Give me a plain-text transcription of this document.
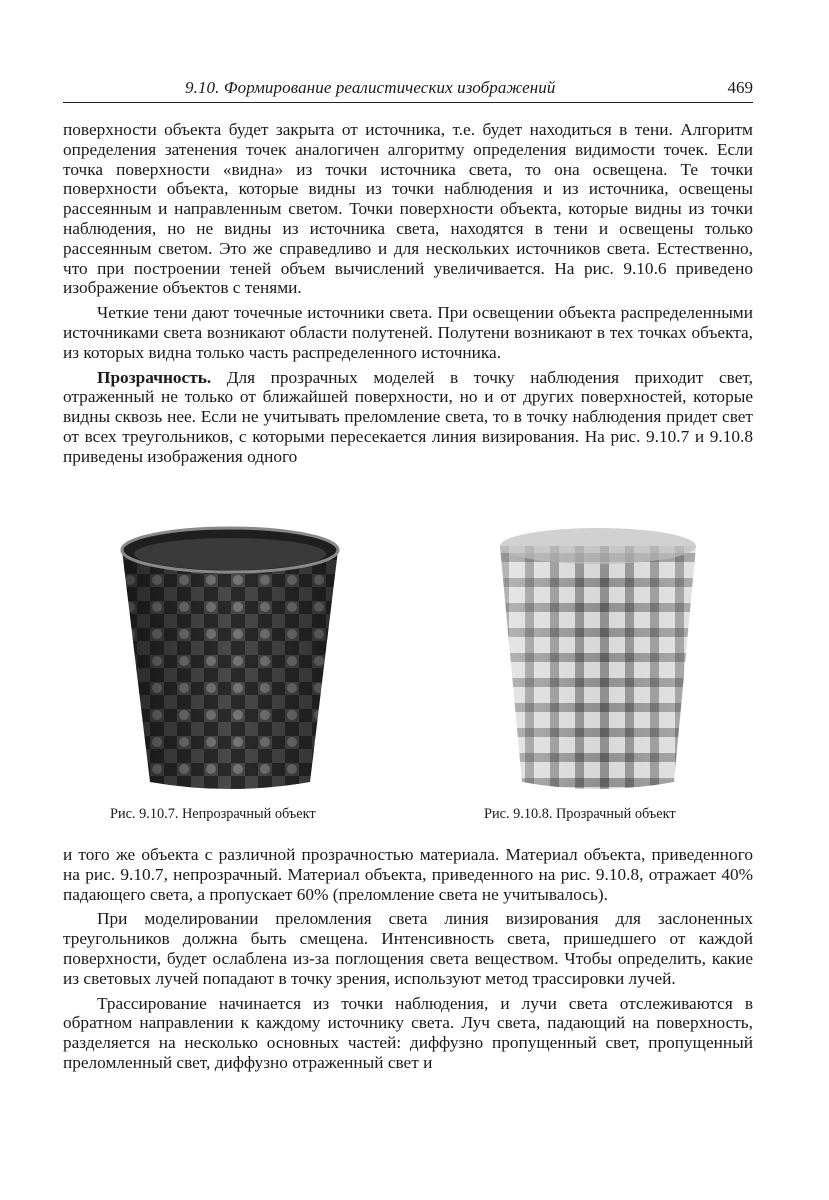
9.10. Формирование реалистических изображений	469

поверхности объекта будет закрыта от источника, т.е. будет находиться в тени. Алгоритм определения затенения точек аналогичен алгоритму определения видимости точек. Если точка поверхности «видна» из точки источника света, то она освещена. Те точки поверхности объекта, которые видны из точки наблюдения и из источника, освещены рассеянным и направленным светом. Точки поверхности объекта, которые видны из точки наблюдения, но не видны из источника света, находятся в тени и освещены только рассеянным светом. Это же справедливо и для нескольких источников света. Естественно, что при построении теней объем вычислений увеличивается. На рис. 9.10.6 приведено изображение объектов с тенями.

Четкие тени дают точечные источники света. При освещении объекта распределенными источниками света возникают области полутеней. Полутени возникают в тех точках объекта, из которых видна только часть распределенного источника.

Прозрачность. Для прозрачных моделей в точку наблюдения приходит свет, отраженный не только от ближайшей поверхности, но и от других поверхностей, которые видны сквозь нее. Если не учитывать преломление света, то в точку наблюдения придет свет от всех треугольников, с которыми пересекается линия визирования. На рис. 9.10.7 и 9.10.8 приведены изображения одного

Рис. 9.10.7. Непрозрачный объект	Рис. 9.10.8. Прозрачный объект

и того же объекта с различной прозрачностью материала. Материал объекта, приведенного на рис. 9.10.7, непрозрачный. Материал объекта, приведенного на рис. 9.10.8, отражает 40% падающего света, а пропускает 60% (преломление света не учитывалось).

При моделировании преломления света линия визирования для заслоненных треугольников должна быть смещена. Интенсивность света, пришедшего от каждой поверхности, будет ослаблена из-за поглощения света веществом. Чтобы определить, какие из световых лучей попадают в точку зрения, используют метод трассировки лучей.

Трассирование начинается из точки наблюдения, и лучи света отслеживаются в обратном направлении к каждому источнику света. Луч света, падающий на поверхность, разделяется на несколько основных частей: диффузно пропущенный свет, пропущенный преломленный свет, диффузно отраженный свет и
